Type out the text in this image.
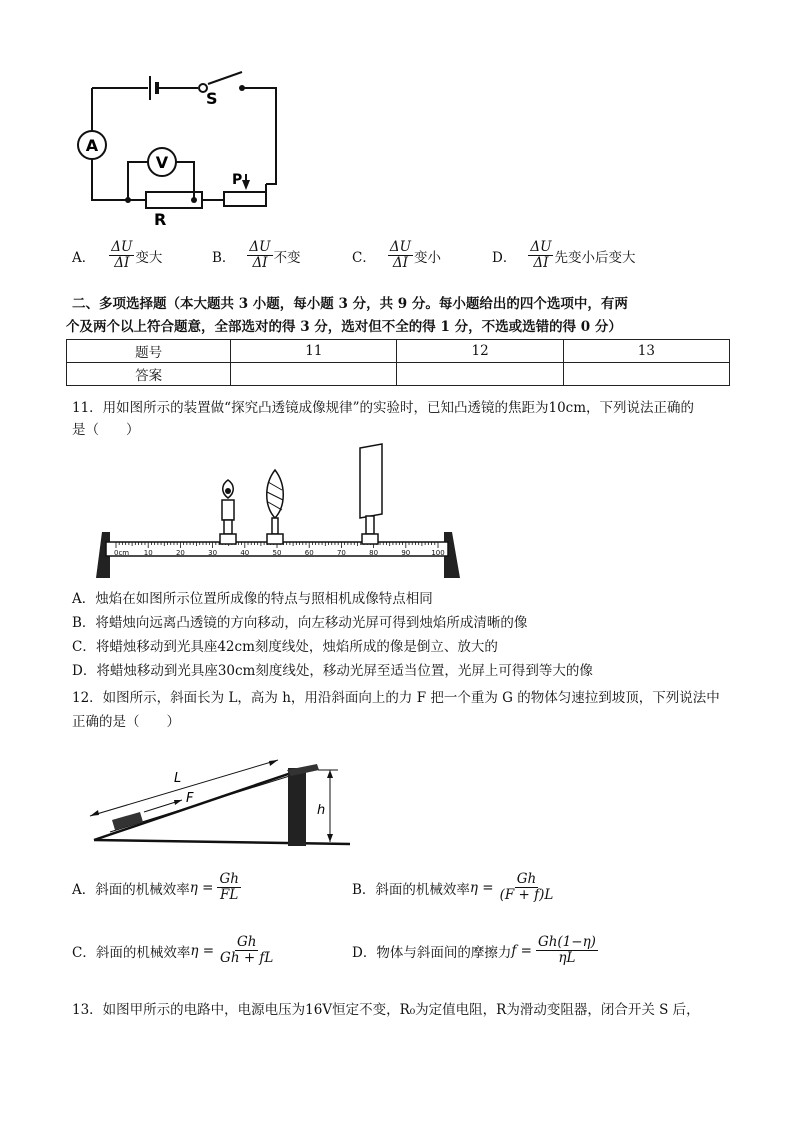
A
V
P
S
R
A． $\frac{\Delta U}{\Delta I}$ 变大	B． $\frac{\Delta U}{\Delta I}$ 不变	C． $\frac{\Delta U}{\Delta I}$ 变小	D． $\frac{\Delta U}{\Delta I}$ 先变小后变大
二、多项选择题（本大题共 3 小题，每小题 3 分，共 9 分。每小题给出的四个选项中，有两
个及两个以上符合题意，全部选对的得 3 分，选对但不全的得 1 分，不选或选错的得 0 分）
题号	11	12	13
答案			
11．用如图所示的装置做“探究凸透镜成像规律”的实验时，已知凸透镜的焦距为10cm，下列说法正确的
是（　　）
0cm 10	20	30	40	50	60	70	80	90	100
A．烛焰在如图所示位置所成像的特点与照相机成像特点相同
B．将蜡烛向远离凸透镜的方向移动，向左移动光屏可得到烛焰所成清晰的像
C．将蜡烛移动到光具座42cm刻度线处，烛焰所成的像是倒立、放大的
D．将蜡烛移动到光具座30cm刻度线处，移动光屏至适当位置，光屏上可得到等大的像
12．如图所示，斜面长为 L，高为 h，用沿斜面向上的力 F 把一个重为 G 的物体匀速拉到坡顶，下列说法中
正确的是（　　）
L
F
h
A．斜面的机械效率 $\eta = \frac{Gh}{FL}$	B．斜面的机械效率 $\eta = \frac{Gh}{(F + f)L}$
C．斜面的机械效率 $\eta = \frac{Gh}{Gh + fL}$	D．物体与斜面间的摩擦力 $f = \frac{Gh(1-\eta)}{\eta L}$
13．如图甲所示的电路中，电源电压为16V恒定不变，R₀为定值电阻，R为滑动变阻器，闭合开关 S 后，
